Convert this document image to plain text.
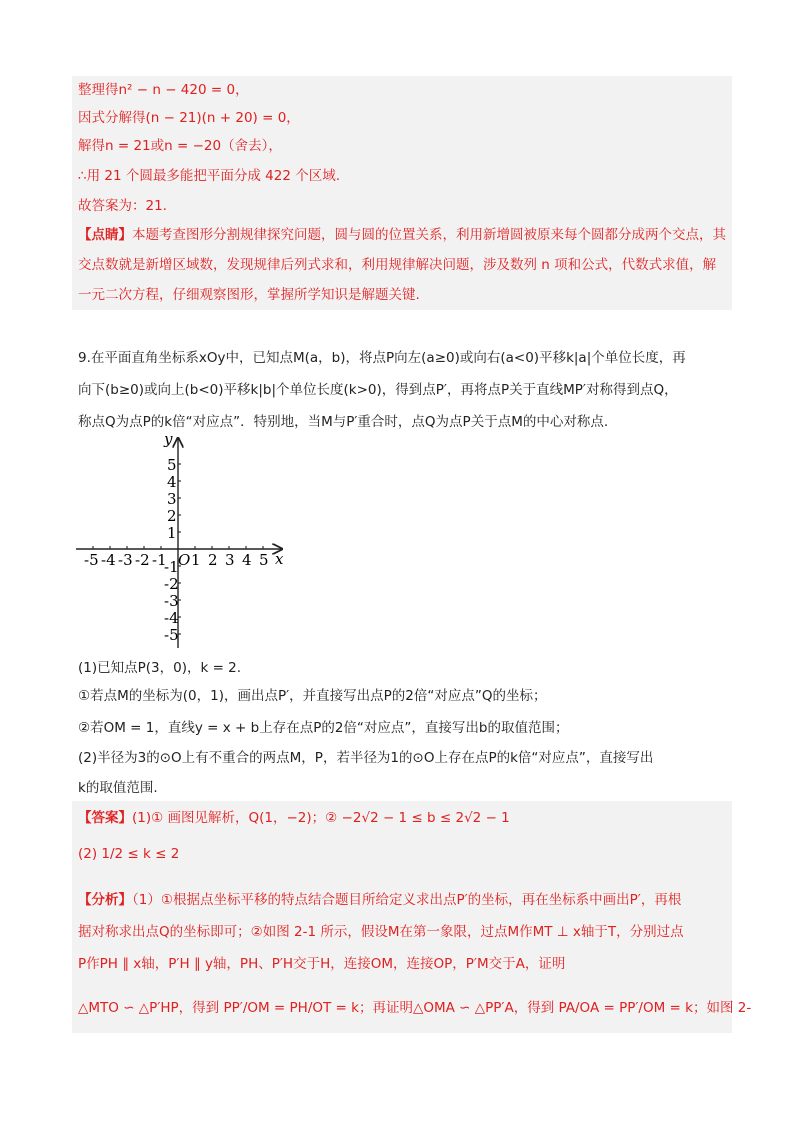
整理得n² − n − 420 = 0，
因式分解得(n − 21)(n + 20) = 0，
解得n = 21或n = −20（舍去），
∴用 21 个圆最多能把平面分成 422 个区域.
故答案为：21.
【点睛】本题考查图形分割规律探究问题，圆与圆的位置关系，利用新增圆被原来每个圆都分成两个交点，其交点数就是新增区域数，发现规律后列式求和，利用规律解决问题，涉及数列 n 项和公式，代数式求值，解一元二次方程，仔细观察图形，掌握所学知识是解题关键.
9.在平面直角坐标系xOy中，已知点M(a，b)，将点P向左(a≥0)或向右(a<0)平移k|a|个单位长度，再
向下(b≥0)或向上(b<0)平移k|b|个单位长度(k>0)，得到点P′，再将点P关于直线MP′对称得到点Q，
称点Q为点P的k倍“对应点”．特别地，当M与P′重合时，点Q为点P关于点M的中心对称点.
y
x
O
-5 -4 -3 -2 -1 1 2 3 4 5
5
4
3
2
1
-1
-2
-3
-4
-5
(1)已知点P(3，0)，k = 2.
①若点M的坐标为(0，1)，画出点P′，并直接写出点P的2倍“对应点”Q的坐标；
②若OM = 1，直线y = x + b上存在点P的2倍“对应点”，直接写出b的取值范围；
(2)半径为3的⊙O上有不重合的两点M，P，若半径为1的⊙O上存在点P的k倍“对应点”，直接写出
k的取值范围.
【答案】(1)① 画图见解析，Q(1，−2)；② −2√2 − 1 ≤ b ≤ 2√2 − 1
(2) 1/2 ≤ k ≤ 2
【分析】（1）①根据点坐标平移的特点结合题目所给定义求出点P′的坐标，再在坐标系中画出P′，再根
据对称求出点Q的坐标即可；②如图 2-1 所示，假设M在第一象限，过点M作MT ⊥ x轴于T，分别过点
P作PH ∥ x轴，P′H ∥ y轴，PH、P′H交于H，连接OM，连接OP，P′M交于A，证明
△MTO ∽ △P′HP，得到 PP′/OM = PH/OT = k；再证明△OMA ∽ △PP′A，得到 PA/OA = PP′/OM = k；如图 2-
